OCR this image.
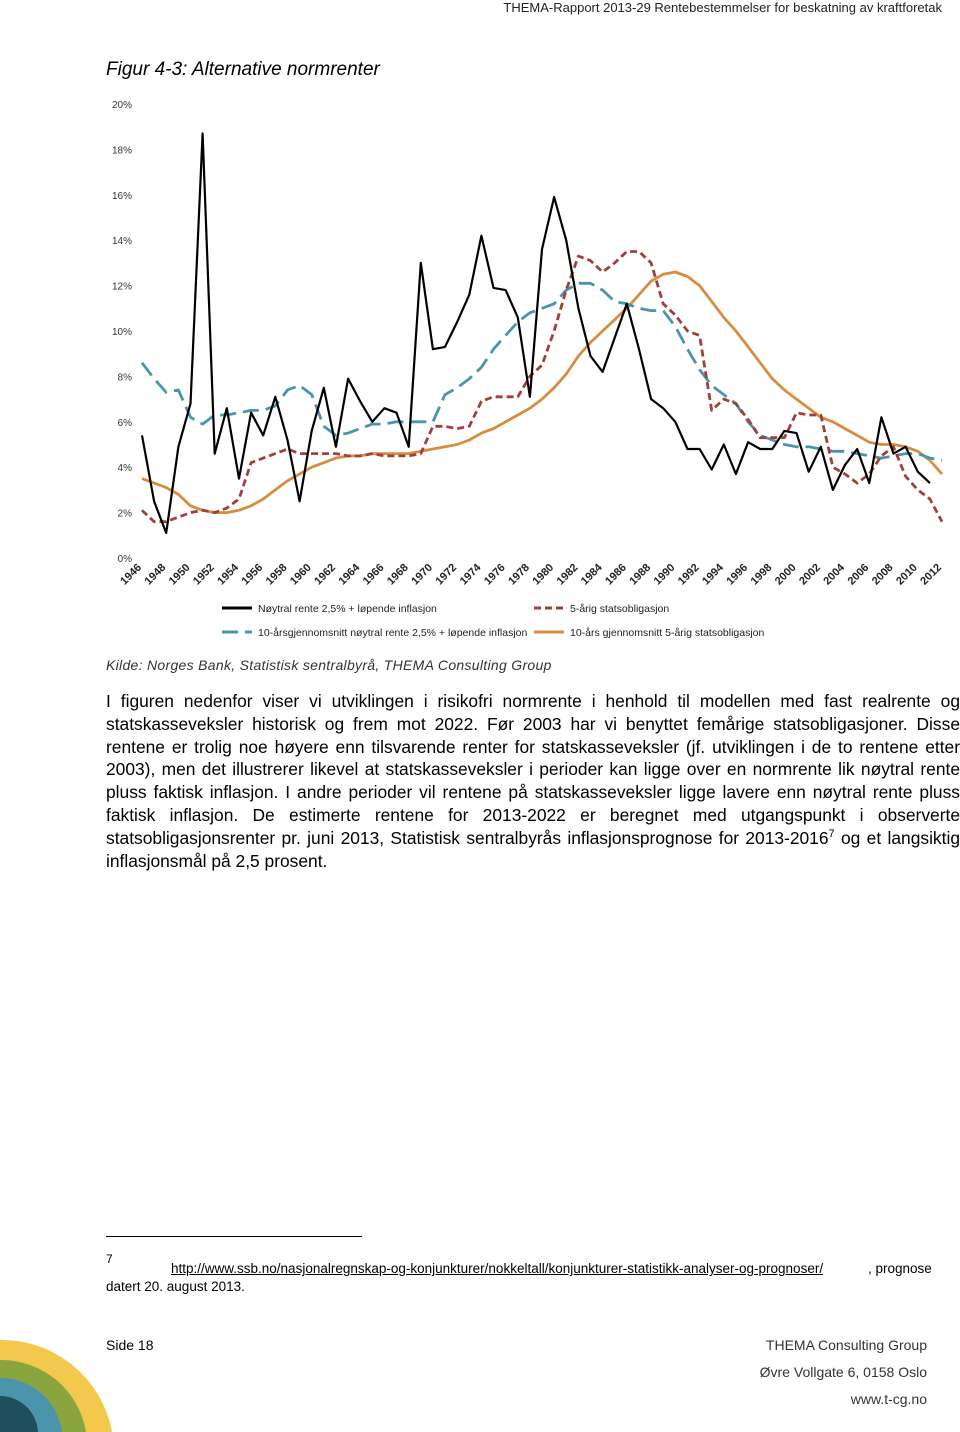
THEMA-Rapport 2013-29 Rentebestemmelser for beskatning av kraftforetak
Figur 4-3: Alternative normrenter
0%
2%
4%
6%
8%
10%
12%
14%
16%
18%
20%
1946
1948
1950
1952
1954
1956
1958
1960
1962
1964
1966
1968
1970
1972
1974
1976
1978
1980
1982
1984
1986
1988
1990
1992
1994
1996
1998
2000
2002
2004
2006
2008
2010
2012
Nøytral rente 2,5% + løpende inflasjon	5-årig statsobligasjon
10-årsgjennomsnitt nøytral rente 2,5% + løpende inflasjon	10-års gjennomsnitt 5-årig statsobligasjon
Kilde: Norges Bank, Statistisk sentralbyrå, THEMA Consulting Group
I figuren nedenfor viser vi utviklingen i risikofri normrente i henhold til modellen med fast realrente og statskasseveksler historisk og frem mot 2022. Før 2003 har vi benyttet femårige statsobligasjoner. Disse rentene er trolig noe høyere enn tilsvarende renter for statskasseveksler (jf. utviklingen i de to rentene etter 2003), men det illustrerer likevel at statskasseveksler i perioder kan ligge over en normrente lik nøytral rente pluss faktisk inflasjon. I andre perioder vil rentene på statskasseveksler ligge lavere enn nøytral rente pluss faktisk inflasjon. De estimerte rentene for 2013-2022 er beregnet med utgangspunkt i observerte statsobligasjonsrenter pr. juni 2013, Statistisk sentralbyrås inflasjonsprognose for 2013-2016$^7$ og et langsiktig inflasjonsmål på 2,5 prosent.
7
http://www.ssb.no/nasjonalregnskap-og-konjunkturer/nokkeltall/konjunkturer-statistikk-analyser-og-prognoser/	, prognose
datert 20. august 2013.
Side 18	THEMA Consulting Group
Øvre Vollgate 6, 0158 Oslo
www.t-cg.no
